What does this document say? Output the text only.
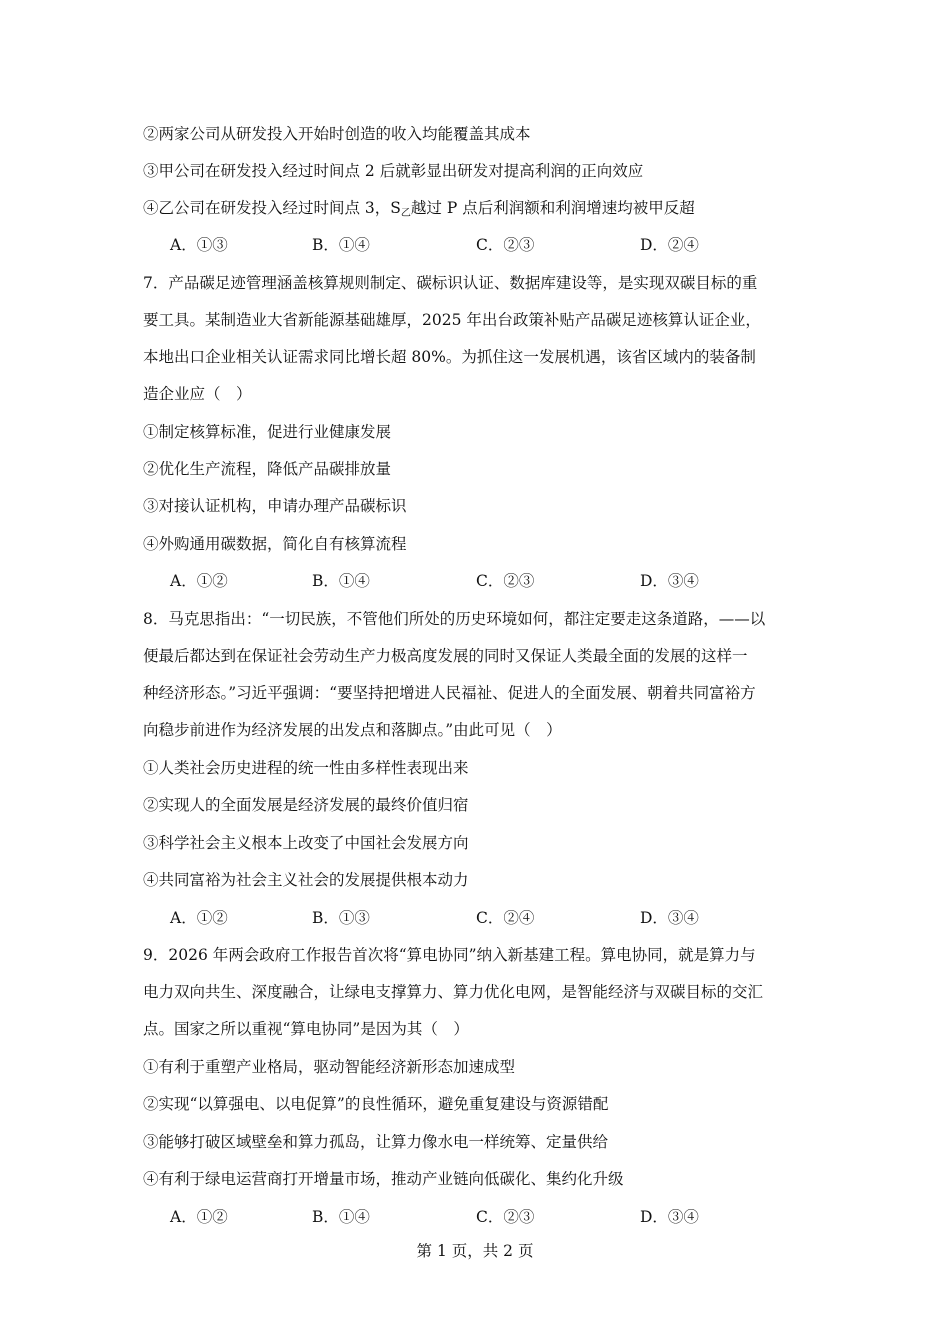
②两家公司从研发投入开始时创造的收入均能覆盖其成本
③甲公司在研发投入经过时间点 2 后就彰显出研发对提高利润的正向效应
④乙公司在研发投入经过时间点 3，$S_乙$越过 P 点后利润额和利润增速均被甲反超
A．①③	B．①④	C．②③	D．②④
7．产品碳足迹管理涵盖核算规则制定、碳标识认证、数据库建设等，是实现双碳目标的重
要工具。某制造业大省新能源基础雄厚，2025 年出台政策补贴产品碳足迹核算认证企业，
本地出口企业相关认证需求同比增长超 80%。为抓住这一发展机遇，该省区域内的装备制
造企业应（　）
①制定核算标准，促进行业健康发展
②优化生产流程，降低产品碳排放量
③对接认证机构，申请办理产品碳标识
④外购通用碳数据，简化自有核算流程
A．①②	B．①④	C．②③	D．③④
8．马克思指出：“一切民族，不管他们所处的历史环境如何，都注定要走这条道路，——以
便最后都达到在保证社会劳动生产力极高度发展的同时又保证人类最全面的发展的这样一
种经济形态。”习近平强调：“要坚持把增进人民福祉、促进人的全面发展、朝着共同富裕方
向稳步前进作为经济发展的出发点和落脚点。”由此可见（　）
①人类社会历史进程的统一性由多样性表现出来
②实现人的全面发展是经济发展的最终价值归宿
③科学社会主义根本上改变了中国社会发展方向
④共同富裕为社会主义社会的发展提供根本动力
A．①②	B．①③	C．②④	D．③④
9．2026 年两会政府工作报告首次将“算电协同”纳入新基建工程。算电协同，就是算力与
电力双向共生、深度融合，让绿电支撑算力、算力优化电网，是智能经济与双碳目标的交汇
点。国家之所以重视“算电协同”是因为其（　）
①有利于重塑产业格局，驱动智能经济新形态加速成型
②实现“以算强电、以电促算”的良性循环，避免重复建设与资源错配
③能够打破区域壁垒和算力孤岛，让算力像水电一样统筹、定量供给
④有利于绿电运营商打开增量市场，推动产业链向低碳化、集约化升级
A．①②	B．①④	C．②③	D．③④
第 1 页，共 2 页
